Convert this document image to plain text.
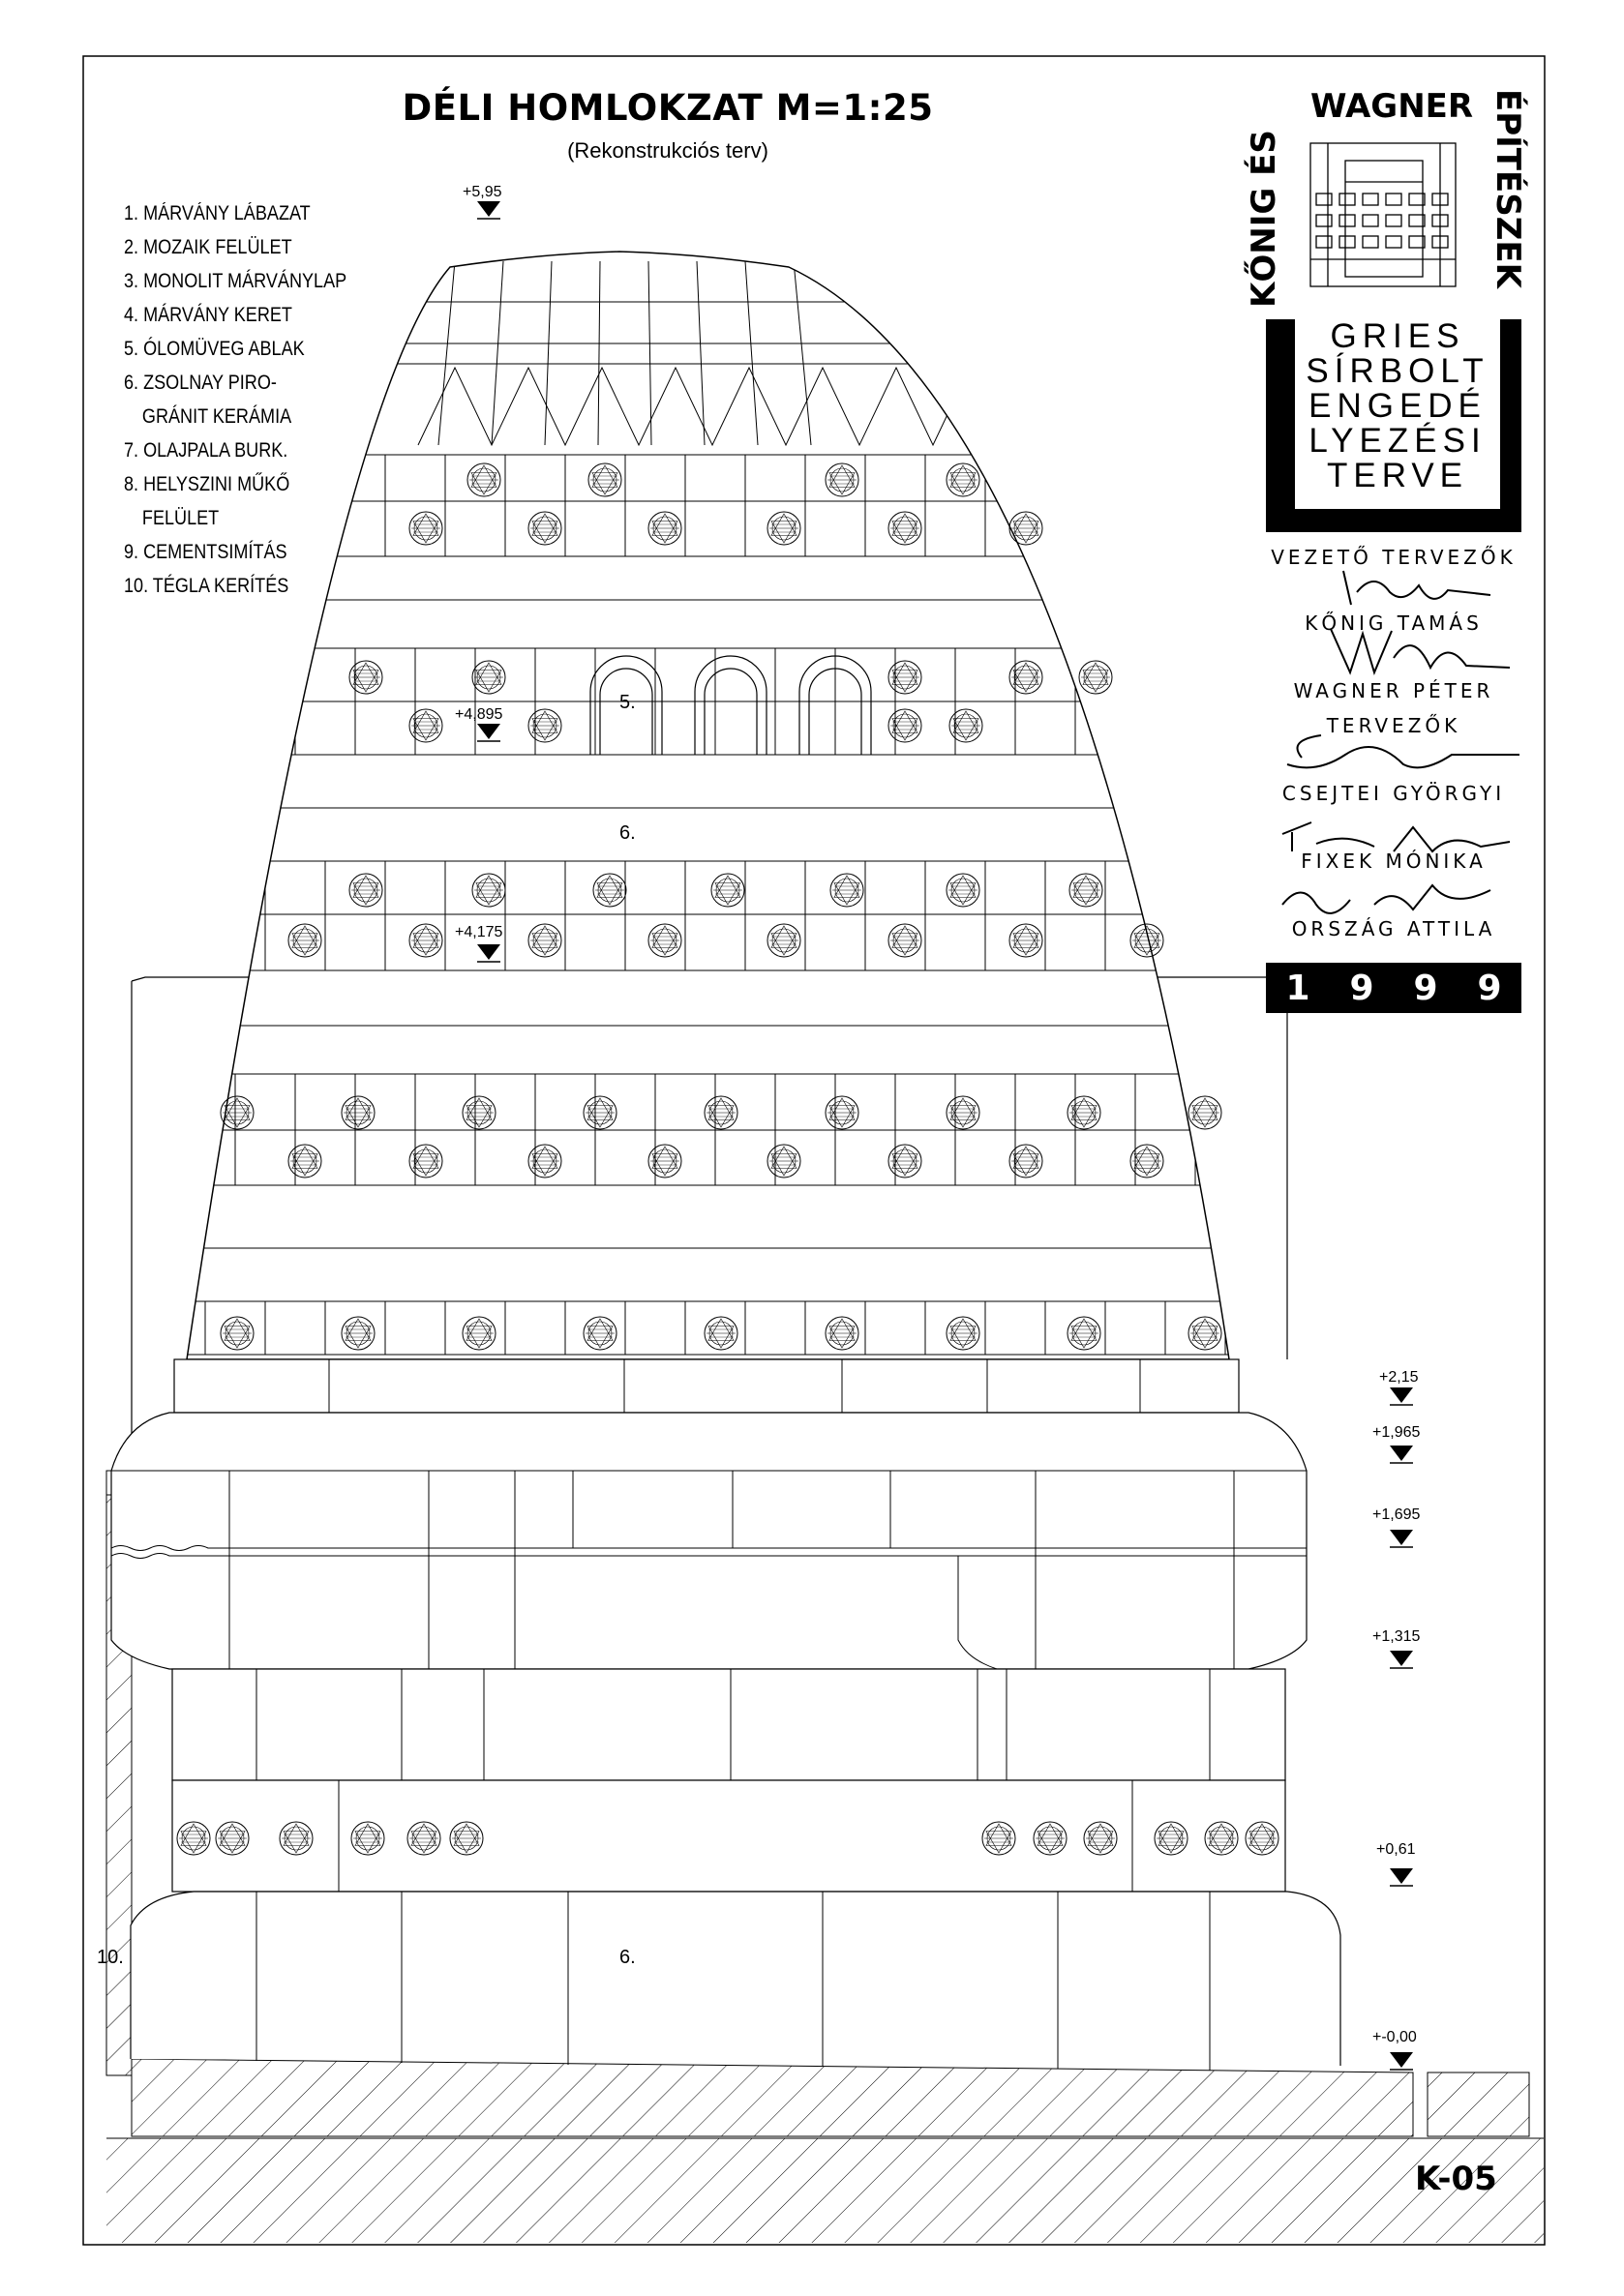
DÉLI HOMLOKZAT M=1:25
(Rekonstrukciós terv)
1. MÁRVÁNY LÁBAZAT
2. MOZAIK FELÜLET
3. MONOLIT MÁRVÁNYLAP
4. MÁRVÁNY KERET
5. ÓLOMÜVEG ABLAK
6. ZSOLNAY PIRO-
GRÁNIT KERÁMIA
7. OLAJPALA BURK.
8. HELYSZINI MŰKŐ
FELÜLET
9. CEMENTSIMÍTÁS
10. TÉGLA KERÍTÉS
+5,95
+4,895
+4,175
+2,15
+1,965
+1,695
+1,315
+0,61
+-0,00
5.
6.
6.
10.
WAGNER
KŐNIG ÉS	ÉPÍTÉSZEK
GRIES
SÍRBOLT
ENGEDÉ
LYEZÉSI
TERVE
VEZETŐ TERVEZŐK
KŐNIG TAMÁS
WAGNER PÉTER
TERVEZŐK
CSEJTEI GYÖRGYI
FIXEK MÓNIKA
ORSZÁG ATTILA
1 9 9 9
K-05
